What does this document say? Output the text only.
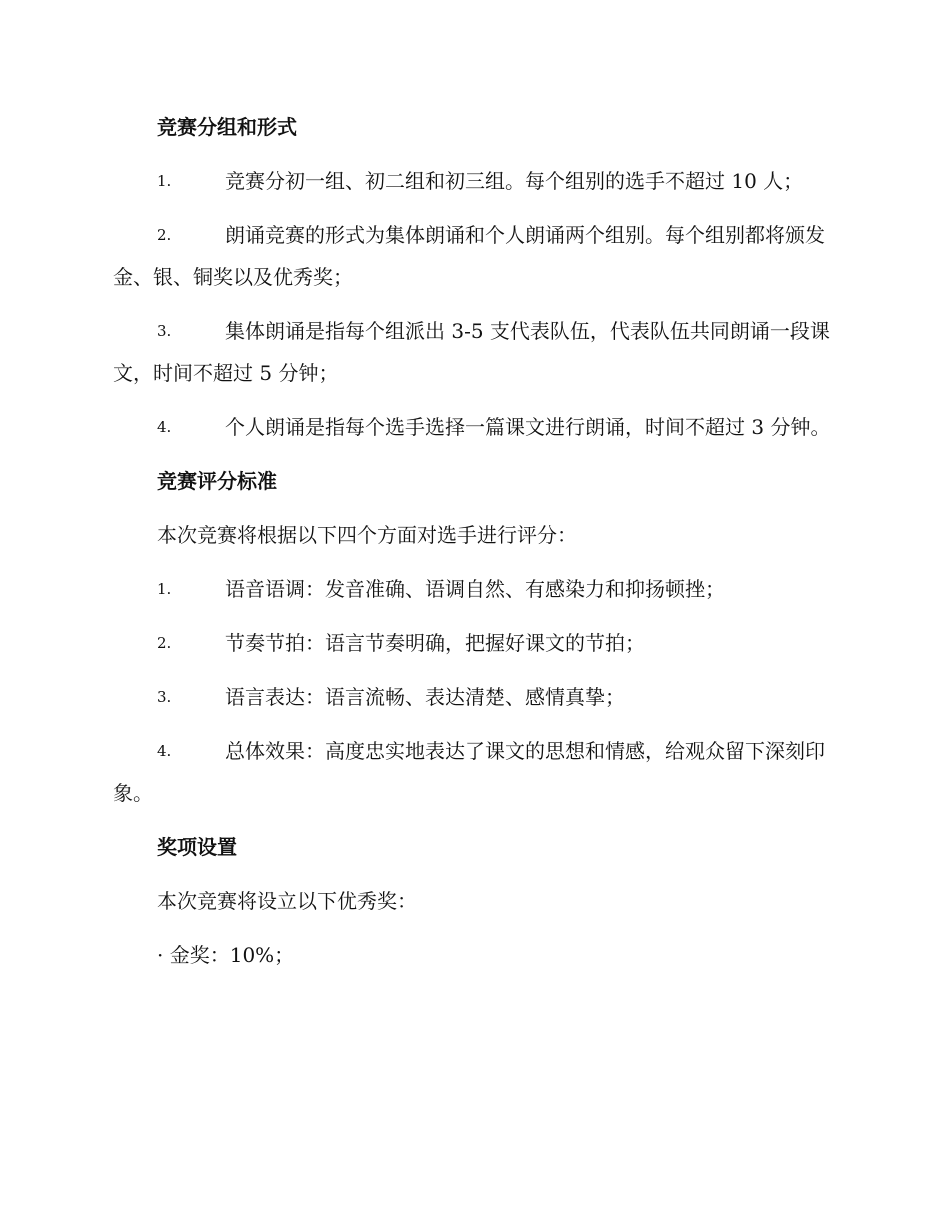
竞赛分组和形式
1.	竞赛分初一组、初二组和初三组。每个组别的选手不超过 10 人；
2.	朗诵竞赛的形式为集体朗诵和个人朗诵两个组别。每个组别都将颁发金、银、铜奖以及优秀奖；
3.	集体朗诵是指每个组派出 3-5 支代表队伍，代表队伍共同朗诵一段课文，时间不超过 5 分钟；
4.	个人朗诵是指每个选手选择一篇课文进行朗诵，时间不超过 3 分钟。
竞赛评分标准
本次竞赛将根据以下四个方面对选手进行评分：
1.	语音语调：发音准确、语调自然、有感染力和抑扬顿挫；
2.	节奏节拍：语言节奏明确，把握好课文的节拍；
3.	语言表达：语言流畅、表达清楚、感情真挚；
4.	总体效果：高度忠实地表达了课文的思想和情感，给观众留下深刻印象。
奖项设置
本次竞赛将设立以下优秀奖：
· 金奖：10%；
